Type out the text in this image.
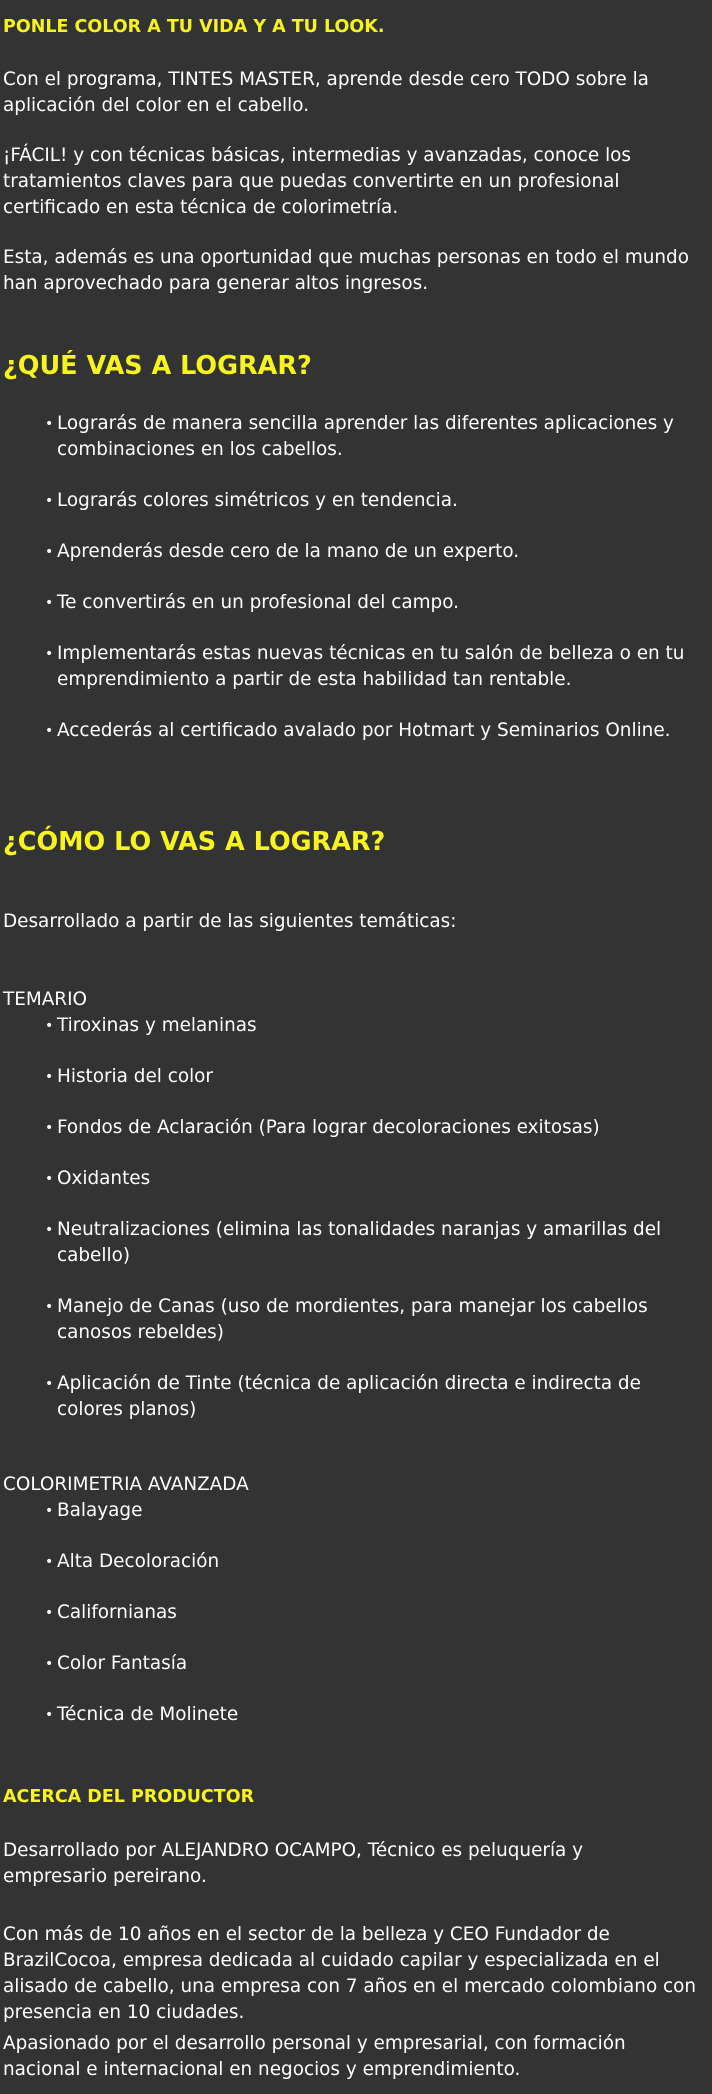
PONLE COLOR A TU VIDA Y A TU LOOK.

Con el programa, TINTES MASTER, aprende desde cero TODO sobre la aplicación del color en el cabello.

¡FÁCIL! y con técnicas básicas, intermedias y avanzadas, conoce los tratamientos claves para que puedas convertirte en un profesional certificado en esta técnica de colorimetría.

Esta, además es una oportunidad que muchas personas en todo el mundo han aprovechado para generar altos ingresos.

¿QUÉ VAS A LOGRAR?
• Lograrás de manera sencilla aprender las diferentes aplicaciones y combinaciones en los cabellos.
• Lograrás colores simétricos y en tendencia.
• Aprenderás desde cero de la mano de un experto.
• Te convertirás en un profesional del campo.
• Implementarás estas nuevas técnicas en tu salón de belleza o en tu emprendimiento a partir de esta habilidad tan rentable.
• Accederás al certificado avalado por Hotmart y Seminarios Online.
¿CÓMO LO VAS A LOGRAR?

Desarrollado a partir de las siguientes temáticas:

TEMARIO

• Tiroxinas y melaninas
• Historia del color
• Fondos de Aclaración (Para lograr decoloraciones exitosas)
• Oxidantes
• Neutralizaciones (elimina las tonalidades naranjas y amarillas del cabello)
• Manejo de Canas (uso de mordientes, para manejar los cabellos canosos rebeldes)
• Aplicación de Tinte (técnica de aplicación directa e indirecta de colores planos)

COLORIMETRIA AVANZADA

• Balayage
• Alta Decoloración
• Californianas
• Color Fantasía
• Técnica de Molinete
ACERCA DEL PRODUCTOR

Desarrollado por ALEJANDRO OCAMPO, Técnico es peluquería y empresario pereirano.

Con más de 10 años en el sector de la belleza y CEO Fundador de BrazilCocoa, empresa dedicada al cuidado capilar y especializada en el alisado de cabello, una empresa con 7 años en el mercado colombiano con presencia en 10 ciudades.

Apasionado por el desarrollo personal y empresarial, con formación nacional e internacional en negocios y emprendimiento.
